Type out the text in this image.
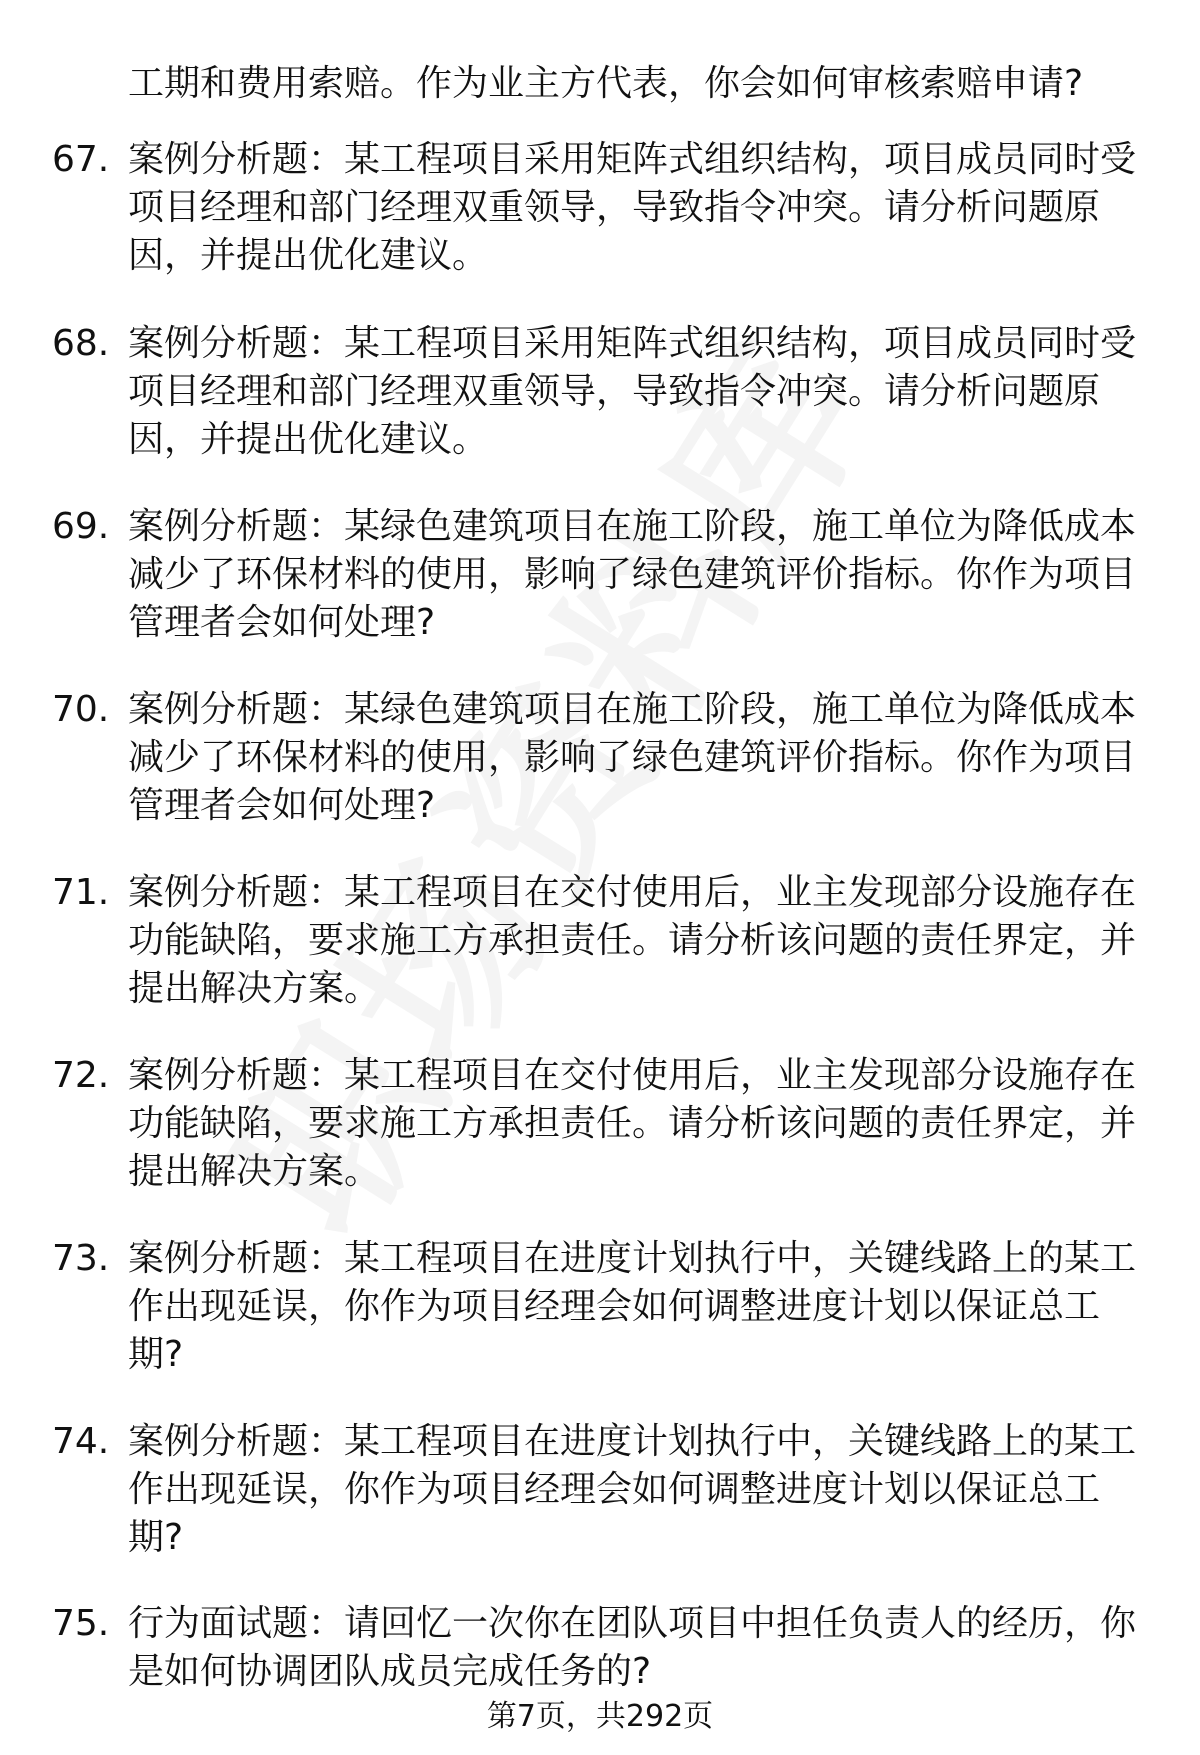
工期和费用索赔。作为业主方代表，你会如何审核索赔申请?
67. 案例分析题：某工程项目采用矩阵式组织结构，项目成员同时受
项目经理和部门经理双重领导，导致指令冲突。请分析问题原
因，并提出优化建议。
68. 案例分析题：某工程项目采用矩阵式组织结构，项目成员同时受
项目经理和部门经理双重领导，导致指令冲突。请分析问题原
因，并提出优化建议。
69. 案例分析题：某绿色建筑项目在施工阶段，施工单位为降低成本
减少了环保材料的使用，影响了绿色建筑评价指标。你作为项目
管理者会如何处理?
70. 案例分析题：某绿色建筑项目在施工阶段，施工单位为降低成本
减少了环保材料的使用，影响了绿色建筑评价指标。你作为项目
管理者会如何处理?
71. 案例分析题：某工程项目在交付使用后，业主发现部分设施存在
功能缺陷，要求施工方承担责任。请分析该问题的责任界定，并
提出解决方案。
72. 案例分析题：某工程项目在交付使用后，业主发现部分设施存在
功能缺陷，要求施工方承担责任。请分析该问题的责任界定，并
提出解决方案。
73. 案例分析题：某工程项目在进度计划执行中，关键线路上的某工
作出现延误，你作为项目经理会如何调整进度计划以保证总工
期?
74. 案例分析题：某工程项目在进度计划执行中，关键线路上的某工
作出现延误，你作为项目经理会如何调整进度计划以保证总工
期?
75. 行为面试题：请回忆一次你在团队项目中担任负责人的经历，你
是如何协调团队成员完成任务的?
第7页，共292页
